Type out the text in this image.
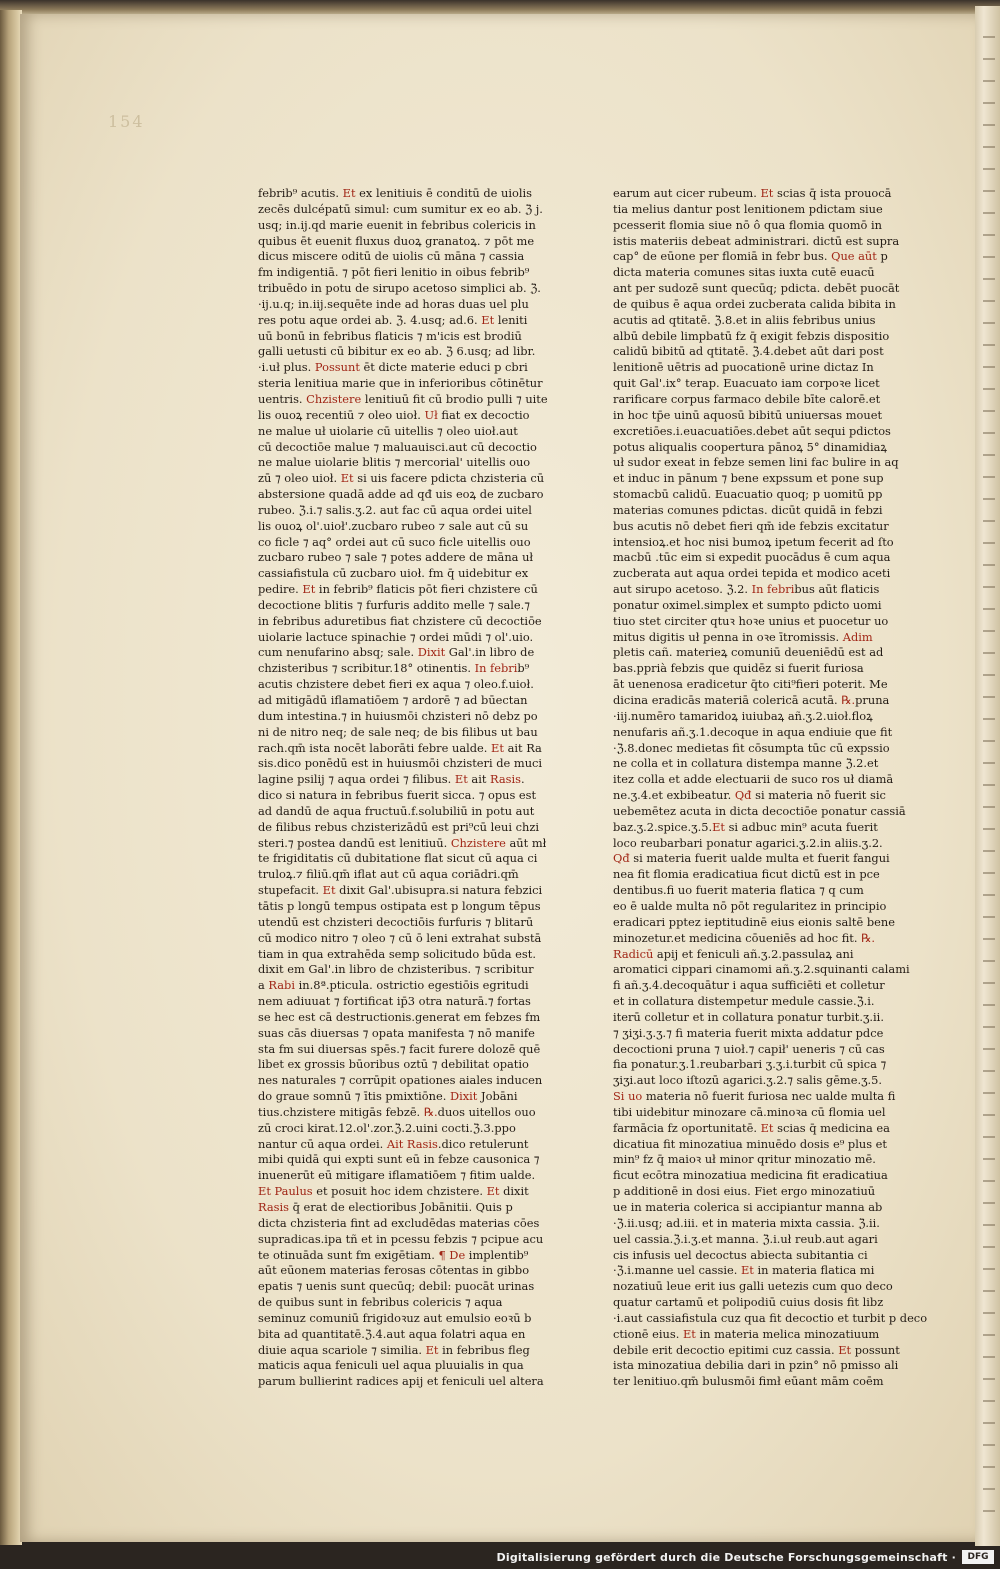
154
febrib⁹ acutis. Et ex lenitiuis ē conditū de uiolis
zecēs dulcépatū simul: cum sumitur ex eo ab. ℨ j.
usq; in.ij.qd marie euenit in febribus colericis in
quibus ēt euenit fluxus duoꝝ granatoꝝ. ⁊ pōt me
dicus miscere oditū de uiolis cū māna ⁊ cassia
fm indigentiā. ⁊ pōt fieri lenitio in oibus febrib⁹
tribuēdo in potu de sirupo acetoso simplici ab. ℨ.
·ij.u.q; in.iij.sequēte inde ad horas duas uel plu
res potu aque ordei ab. ℨ. 4.usq; ad.6. Et leniti
uū bonū in febribus flaticis ⁊ m'icis est brodiū
galli uetusti cū bibitur ex eo ab. ℨ 6.usq; ad libr.
·i.uł plus. Possunt ēt dicte materie educi p cbri
steria lenitiua marie que in inferioribus cōtinētur
uentris. Chzistere lenitiuū fit cū brodio pulli ⁊ uite
lis ouoꝝ recentiū ⁊ oleo uioł. Uł fiat ex decoctio
ne malue uł uiolarie cū uitellis ⁊ oleo uioł.aut
cū decoctiōe malue ⁊ maluauisci.aut cū decoctio
ne malue uiolarie blitis ⁊ mercorial' uitellis ouo
zū ⁊ oleo uioł. Et si uis facere pdicta chzisteria cū
abstersione quadā adde ad qđ uis eoꝝ de zucbaro
rubeo. ℨ.i.⁊ salis.ʒ.2. aut fac cū aqua ordei uitel
lis ouoꝝ ol'.uioł'.zucbaro rubeo ⁊ sale aut cū su
co ficle ⁊ aq° ordei aut cū suco ficle uitellis ouo
zucbaro rubeo ⁊ sale ⁊ potes addere de māna uł
cassiafistula cū zucbaro uioł. fm q̄ uidebitur ex
pedire. Et in febrib⁹ flaticis pōt fieri chzistere cū
decoctione blitis ⁊ furfuris addito melle ⁊ sale.⁊
in febribus aduretibus fiat chzistere cū decoctiōe
uiolarie lactuce spinachie ⁊ ordei mūdi ⁊ ol'.uio.
cum nenufarino absq; sale. Dixit Gal'.in libro de
chzisteribus ⁊ scribitur.18° otinentis. In febrib⁹
acutis chzistere debet fieri ex aqua ⁊ oleo.f.uioł.
ad mitigādū iflamatiōem ⁊ ardorē ⁊ ad būectan
dum intestina.⁊ in huiusmōi chzisteri nō debz po
ni de nitro neq; de sale neq; de bis filibus ut bau
rach.qm̄ ista nocēt laborāti febre ualde. Et ait Ra
sis.dico ponēdū est in huiusmōi chzisteri de muci
lagine psilij ⁊ aqua ordei ⁊ filibus. Et ait Rasis.
dico si natura in febribus fuerit sicca. ⁊ opus est
ad dandū de aqua fructuū.f.solubiliū in potu aut
de filibus rebus chzisterizādū est pri⁹cū leui chzi
steri.⁊ postea dandū est lenitiuū. Chzistere aūt mł
te frigiditatis cū dubitatione flat sicut cū aqua ci
truloꝝ.⁊ filiū.qm̄ iflat aut cū aqua coriādri.qm̄
stupefacit. Et dixit Gal'.ubisupra.si natura febzici
tātis p longū tempus ostipata est p longum tēpus
utendū est chzisteri decoctiōis furfuris ⁊ blitarū
cū modico nitro ⁊ oleo ⁊ cū ō leni extrahat substā
tiam in qua extrahēda semp solicitudo būda est.
dixit em Gal'.in libro de chzisteribus. ⁊ scribitur
a Rabi in.8ª.pticula. ostrictio egestiōis egritudi
nem adiuuat ⁊ fortificat ip̄3 otra naturā.⁊ fortas
se hec est cā destructionis.generat em febzes fm
suas cās diuersas ⁊ opata manifesta ⁊ nō manife
sta fm sui diuersas spēs.⁊ facit furere dolozē quē
libet ex grossis būoribus oztū ⁊ debilitat opatio
nes naturales ⁊ corrūpit opationes aiales inducen
do graue somnū ⁊ ītis pmixtiōne. Dixit Jobāni
tius.chzistere mitigās febzē. ℞.duos uitellos ouo
zū croci kirat.12.ol'.zor.ℨ.2.uini cocti.ℨ.3.ppo
nantur cū aqua ordei. Ait Rasis.dico retulerunt
mibi quidā qui expti sunt eū in febze causonica ⁊
inuenerūt eū mitigare iflamatiōem ⁊ fitim ualde.
Et Paulus et posuit hoc idem chzistere. Et dixit
Rasis q̄ erat de electioribus Jobānitii. Quis p
dicta chzisteria fint ad excludēdas materias cōes
supradicas.ipa tñ et in pcessu febzis ⁊ pcipue acu
te otinuāda sunt fm exigētiam. ¶ De implentib⁹
aūt eūonem materias ferosas cōtentas in gibbo
epatis ⁊ uenis sunt quecūq; debil: puocāt urinas
de quibus sunt in febribus colericis ⁊ aqua
seminuz comuniū frigidoꝛuz aut emulsio eoꝛū b
bita ad quantitatē.ℨ.4.aut aqua folatri aqua en
diuie aqua scariole ⁊ similia. Et in febribus fleg
maticis aqua feniculi uel aqua pluuialis in qua
parum bullierint radices apij et feniculi uel altera
earum aut cicer rubeum. Et scias q̄ ista prouocā
tia melius dantur post lenitionem pdictam siue
pcesserit flomia siue nō ô qua flomia quomō in
istis materiis debeat administrari. dictū est supra
cap° de eūone per flomiā in febr bus. Que aūt p
dicta materia comunes sitas iuxta cutē euacū
ant per sudozē sunt quecūq; pdicta. debēt puocāt
de quibus ē aqua ordei zucberata calida bibita in
acutis ad qtitatē. ℨ.8.et in aliis febribus unius
albū debile limpbatū fz q̄ exigit febzis dispositio
calidū bibitū ad qtitatē. ℨ.4.debet aūt dari post
lenitionē uētris ad puocationē urine dictaz In
quit Gal'.ix° terap. Euacuato iam corpoꝛe licet
rarificare corpus farmaco debile bīte calorē.et
in hoc tp̄e uinū aquosū bibitū uniuersas mouet
excretiōes.i.euacuatiōes.debet aūt sequi pdictos
potus aliqualis coopertura pānoꝝ 5° dinamidiaꝝ
uł sudor exeat in febze semen lini fac bulire in aq
et induc in pānum ⁊ bene expssum et pone sup
stomacbū calidū. Euacuatio quoq; p uomitū pp
materias comunes pdictas. dicūt quidā in febzi
bus acutis nō debet fieri qm̄ ide febzis excitatur
intensioꝝ.et hoc nisi bumoꝝ ipetum fecerit ad ſto
macbū .tūc eim si expedit puocādus ē cum aqua
zucberata aut aqua ordei tepida et modico aceti
aut sirupo acetoso. ℨ.2. In febribus aūt flaticis
ponatur oximel.simplex et sumpto pdicto uomi
tiuo stet circiter qtuꝛ hoꝛe unius et puocetur uo
mitus digitis uł penna in oꝛe ītromissis. Adim
pletis cañ. materieꝝ comuniū deueniēdū est ad
bas.pprià febzis que quidēz si fuerit furiosa
āt uenenosa eradicetur q̄to citi⁹fieri poterit. Me
dicina eradicās materiā colericā acutā. ℞.pruna
·iij.numēro tamaridoꝝ iuiubaꝝ añ.ʒ.2.uioł.floꝝ
nenufaris añ.ʒ.1.decoque in aqua endiuie que fit
·ℨ.8.donec medietas fit cōsumpta tūc cū expssio
ne colla et in collatura distempa manne ℨ.2.et
itez colla et adde electuarii de suco ros uł diamā
ne.ʒ.4.et exbibeatur. Qđ si materia nō fuerit sic
uebemētez acuta in dicta decoctiōe ponatur cassiā
baz.ʒ.2.spice.ʒ.5.Et si adbuc min⁹ acuta fuerit
loco reubarbari ponatur agarici.ʒ.2.in aliis.ʒ.2.
Qđ si materia fuerit ualde multa et fuerit fangui
nea fit flomia eradicatiua ficut dictū est in pce
dentibus.fi uo fuerit materia flatica ⁊ q cum
eo ē ualde multa nō pōt regularitez in principio
eradicari pptez ieptitudinē eius eionis saltē bene
minozetur.et medicina cōueniēs ad hoc fit. ℞.
Radicū apij et feniculi añ.ʒ.2.passulaꝝ ani
aromatici cippari cinamomi añ.ʒ.2.squinanti calami
fi añ.ʒ.4.decoquātur i aqua sufficiēti et colletur
et in collatura distempetur medule cassie.ℨ.i.
iterū colletur et in collatura ponatur turbit.ʒ.ii.
⁊ ʒiʒi.ʒ.ʒ.⁊ fi materia fuerit mixta addatur pdce
decoctioni pruna ⁊ uioł.⁊ capił' ueneris ⁊ cū cas
fia ponatur.ʒ.1.reubarbari ʒ.ʒ.i.turbit cū spica ⁊
ʒiʒi.aut loco iſtozū agarici.ʒ.2.⁊ salis gēme.ʒ.5.
Si uo materia nō fuerit furiosa nec ualde multa fi
tibi uidebitur minozare cā.minoꝛa cū flomia uel
farmācia fz oportunitatē. Et scias q̄ medicina ea
dicatiua fit minozatiua minuēdo dosis e⁹ plus et
min⁹ fz q̄ maioꝛ uł minor qritur minozatio mē.
ficut ecōtra minozatiua medicina fit eradicatiua
p additionē in dosi eius. Fiet ergo minozatiuū
ue in materia colerica si accipiantur manna ab
·ℨ.ii.usq; ad.iii. et in materia mixta cassia. ℨ.ii.
uel cassia.ℨ.i.ʒ.et manna. ℨ.i.uł reub.aut agari
cis infusis uel decoctus abiecta subitantia ci
·ℨ.i.manne uel cassie. Et in materia flatica mi
nozatiuū leue erit ius galli uetezis cum quo deco
quatur cartamū et polipodiū cuius dosis fit libz
·i.aut cassiafistula cuz qua fit decoctio et turbit p deco
ctionē eius. Et in materia melica minozatiuum
debile erit decoctio epitimi cuz cassia. Et possunt
ista minozatiua debilia dari in pzin° nō pmisso ali
ter lenitiuo.qm̄ bulusmōi fimł eūant mām coēm
Digitalisierung gefördert durch die Deutsche Forschungsgemeinschaft ·	DFG
